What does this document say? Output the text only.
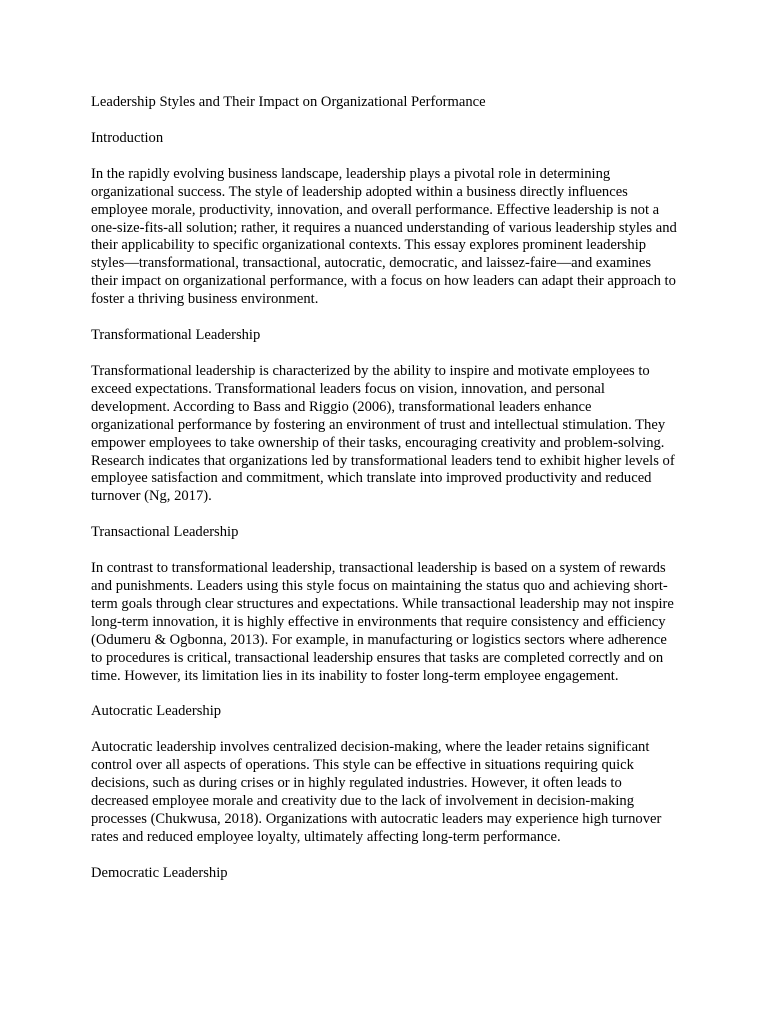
Leadership Styles and Their Impact on Organizational Performance

Introduction

In the rapidly evolving business landscape, leadership plays a pivotal role in determining organizational success. The style of leadership adopted within a business directly influences employee morale, productivity, innovation, and overall performance. Effective leadership is not a one-size-fits-all solution; rather, it requires a nuanced understanding of various leadership styles and their applicability to specific organizational contexts. This essay explores prominent leadership styles—transformational, transactional, autocratic, democratic, and laissez-faire—and examines their impact on organizational performance, with a focus on how leaders can adapt their approach to foster a thriving business environment.

Transformational Leadership

Transformational leadership is characterized by the ability to inspire and motivate employees to exceed expectations. Transformational leaders focus on vision, innovation, and personal development. According to Bass and Riggio (2006), transformational leaders enhance organizational performance by fostering an environment of trust and intellectual stimulation. They empower employees to take ownership of their tasks, encouraging creativity and problem-solving. Research indicates that organizations led by transformational leaders tend to exhibit higher levels of employee satisfaction and commitment, which translate into improved productivity and reduced turnover (Ng, 2017).

Transactional Leadership

In contrast to transformational leadership, transactional leadership is based on a system of rewards and punishments. Leaders using this style focus on maintaining the status quo and achieving short-term goals through clear structures and expectations. While transactional leadership may not inspire long-term innovation, it is highly effective in environments that require consistency and efficiency (Odumeru & Ogbonna, 2013). For example, in manufacturing or logistics sectors where adherence to procedures is critical, transactional leadership ensures that tasks are completed correctly and on time. However, its limitation lies in its inability to foster long-term employee engagement.

Autocratic Leadership

Autocratic leadership involves centralized decision-making, where the leader retains significant control over all aspects of operations. This style can be effective in situations requiring quick decisions, such as during crises or in highly regulated industries. However, it often leads to decreased employee morale and creativity due to the lack of involvement in decision-making processes (Chukwusa, 2018). Organizations with autocratic leaders may experience high turnover rates and reduced employee loyalty, ultimately affecting long-term performance.

Democratic Leadership
